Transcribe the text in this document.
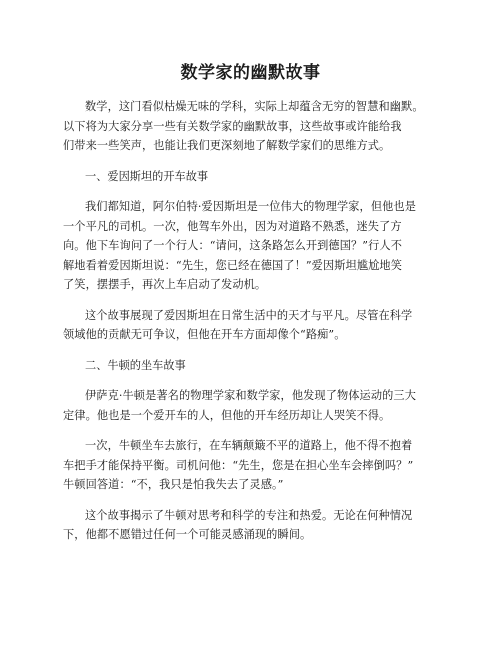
数学家的幽默故事
数学，这门看似枯燥无味的学科，实际上却蕴含无穷的智慧和幽默。
以下将为大家分享一些有关数学家的幽默故事，这些故事或许能给我
们带来一些笑声，也能让我们更深刻地了解数学家们的思维方式。
一、爱因斯坦的开车故事
我们都知道，阿尔伯特·爱因斯坦是一位伟大的物理学家，但他也是
一个平凡的司机。一次，他驾车外出，因为对道路不熟悉，迷失了方
向。他下车询问了一个行人：“请问，这条路怎么开到德国？”行人不
解地看着爱因斯坦说：“先生，您已经在德国了！”爱因斯坦尴尬地笑
了笑，摆摆手，再次上车启动了发动机。
这个故事展现了爱因斯坦在日常生活中的天才与平凡。尽管在科学
领域他的贡献无可争议，但他在开车方面却像个“路痴”。
二、牛顿的坐车故事
伊萨克·牛顿是著名的物理学家和数学家，他发现了物体运动的三大
定律。他也是一个爱开车的人，但他的开车经历却让人哭笑不得。
一次，牛顿坐车去旅行，在车辆颠簸不平的道路上，他不得不抱着
车把手才能保持平衡。司机问他：“先生，您是在担心坐车会摔倒吗？”
牛顿回答道：“不，我只是怕我失去了灵感。”
这个故事揭示了牛顿对思考和科学的专注和热爱。无论在何种情况
下，他都不愿错过任何一个可能灵感涌现的瞬间。
